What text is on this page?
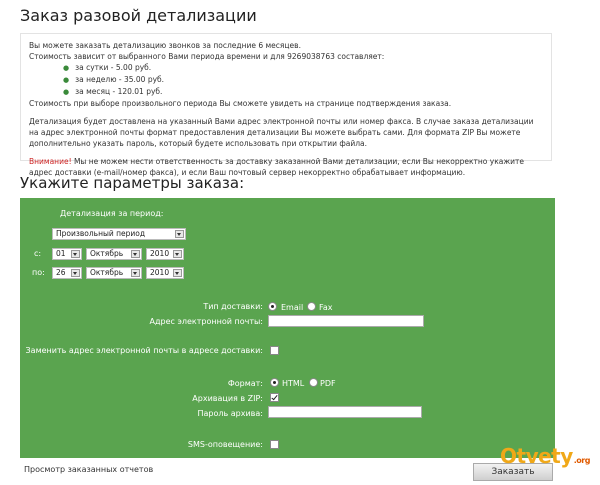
Заказ разовой детализации

Вы можете заказать детализацию звонков за последние 6 месяцев.

Стоимость зависит от выбранного Вами периода времени и для 9269038763 составляет:

● за сутки - 5.00 руб.
● за неделю - 35.00 руб.
● за месяц - 120.01 руб.

Стоимость при выборе произвольного периода Вы сможете увидеть на странице подтверждения заказа.

Детализация будет доставлена на указанный Вами адрес электронной почты или номер факса. В случае заказа детализации на адрес электронной почты формат предоставления детализации Вы можете выбрать сами. Для формата ZIP Вы можете дополнительно указать пароль, который будете использовать при открытии файла.

Внимание! Мы не можем нести ответственность за доставку заказанной Вами детализации, если Вы некорректно укажите адрес доставки (e-mail/номер факса), и если Ваш почтовый сервер некорректно обрабатывает информацию.

Укажите параметры заказа:
Детализация за период:
Произвольный период
с:	01	Октябрь	2010
по:	26	Октябрь	2010
Тип доставки: Email Fax
Адрес электронной почты:
Заменить адрес электронной почты в адресе доставки:
Формат: HTML PDF
Архивация в ZIP:
Пароль архива:
SMS-оповещение:
Просмотр заказанных отчетов	Заказать
Otvety.org
